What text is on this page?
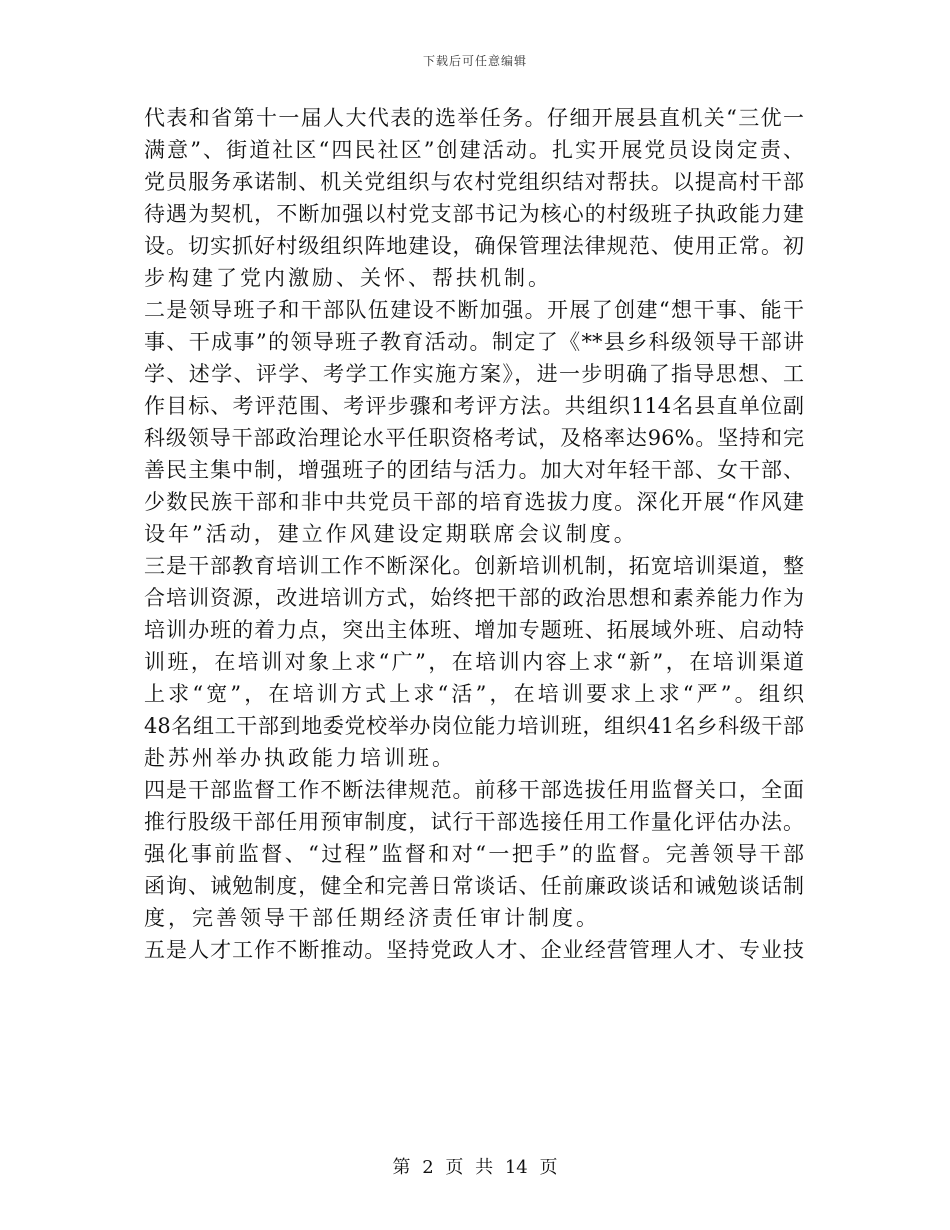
下载后可任意编辑
代表和省第十一届人大代表的选举任务。仔细开展县直机关“三优一
满意”、街道社区“四民社区”创建活动。扎实开展党员设岗定责、
党员服务承诺制、机关党组织与农村党组织结对帮扶。以提高村干部
待遇为契机，不断加强以村党支部书记为核心的村级班子执政能力建
设。切实抓好村级组织阵地建设，确保管理法律规范、使用正常。初
步构建了党内激励、关怀、帮扶机制。
二是领导班子和干部队伍建设不断加强。开展了创建“想干事、能干
事、干成事”的领导班子教育活动。制定了《**县乡科级领导干部讲
学、述学、评学、考学工作实施方案》，进一步明确了指导思想、工
作目标、考评范围、考评步骤和考评方法。共组织114名县直单位副
科级领导干部政治理论水平任职资格考试，及格率达96%。坚持和完
善民主集中制，增强班子的团结与活力。加大对年轻干部、女干部、
少数民族干部和非中共党员干部的培育选拔力度。深化开展“作风建
设年”活动，建立作风建设定期联席会议制度。
三是干部教育培训工作不断深化。创新培训机制，拓宽培训渠道，整
合培训资源，改进培训方式，始终把干部的政治思想和素养能力作为
培训办班的着力点，突出主体班、增加专题班、拓展域外班、启动特
训班，在培训对象上求“广”，在培训内容上求“新”，在培训渠道
上求“宽”，在培训方式上求“活”，在培训要求上求“严”。组织
48名组工干部到地委党校举办岗位能力培训班，组织41名乡科级干部
赴苏州举办执政能力培训班。
四是干部监督工作不断法律规范。前移干部选拔任用监督关口，全面
推行股级干部任用预审制度，试行干部选接任用工作量化评估办法。
强化事前监督、“过程”监督和对“一把手”的监督。完善领导干部
函询、诫勉制度，健全和完善日常谈话、任前廉政谈话和诫勉谈话制
度，完善领导干部任期经济责任审计制度。
五是人才工作不断推动。坚持党政人才、企业经营管理人才、专业技
第 2 页 共 14 页
